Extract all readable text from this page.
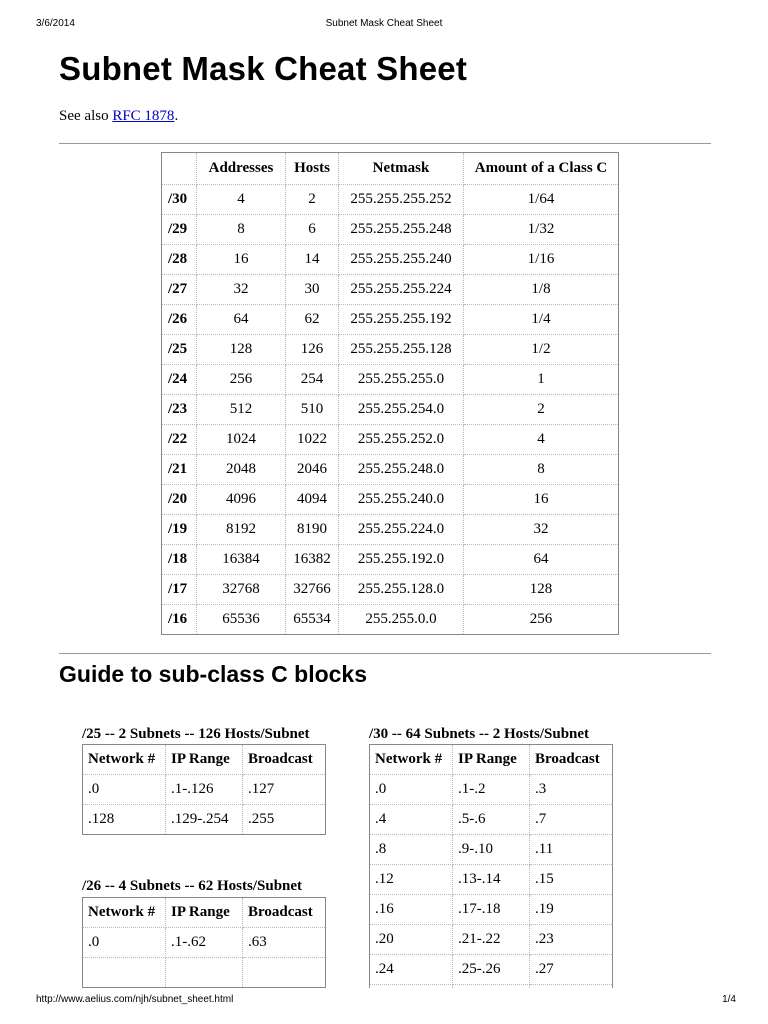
3/6/2014	Subnet Mask Cheat Sheet
Subnet Mask Cheat Sheet
See also RFC 1878.
	Addresses	Hosts	Netmask	Amount of a Class C
/30	4	2	255.255.255.252	1/64
/29	8	6	255.255.255.248	1/32
/28	16	14	255.255.255.240	1/16
/27	32	30	255.255.255.224	1/8
/26	64	62	255.255.255.192	1/4
/25	128	126	255.255.255.128	1/2
/24	256	254	255.255.255.0	1
/23	512	510	255.255.254.0	2
/22	1024	1022	255.255.252.0	4
/21	2048	2046	255.255.248.0	8
/20	4096	4094	255.255.240.0	16
/19	8192	8190	255.255.224.0	32
/18	16384	16382	255.255.192.0	64
/17	32768	32766	255.255.128.0	128
/16	65536	65534	255.255.0.0	256
Guide to sub-class C blocks
/25 -- 2 Subnets -- 126 Hosts/Subnet
Network #	IP Range	Broadcast
.0	.1-.126	.127
.128	.129-.254	.255
/26 -- 4 Subnets -- 62 Hosts/Subnet
Network #	IP Range	Broadcast
.0	.1-.62	.63

/30 -- 64 Subnets -- 2 Hosts/Subnet
Network #	IP Range	Broadcast
.0	.1-.2	.3
.4	.5-.6	.7
.8	.9-.10	.11
.12	.13-.14	.15
.16	.17-.18	.19
.20	.21-.22	.23
.24	.25-.26	.27

http://www.aelius.com/njh/subnet_sheet.html	1/4
